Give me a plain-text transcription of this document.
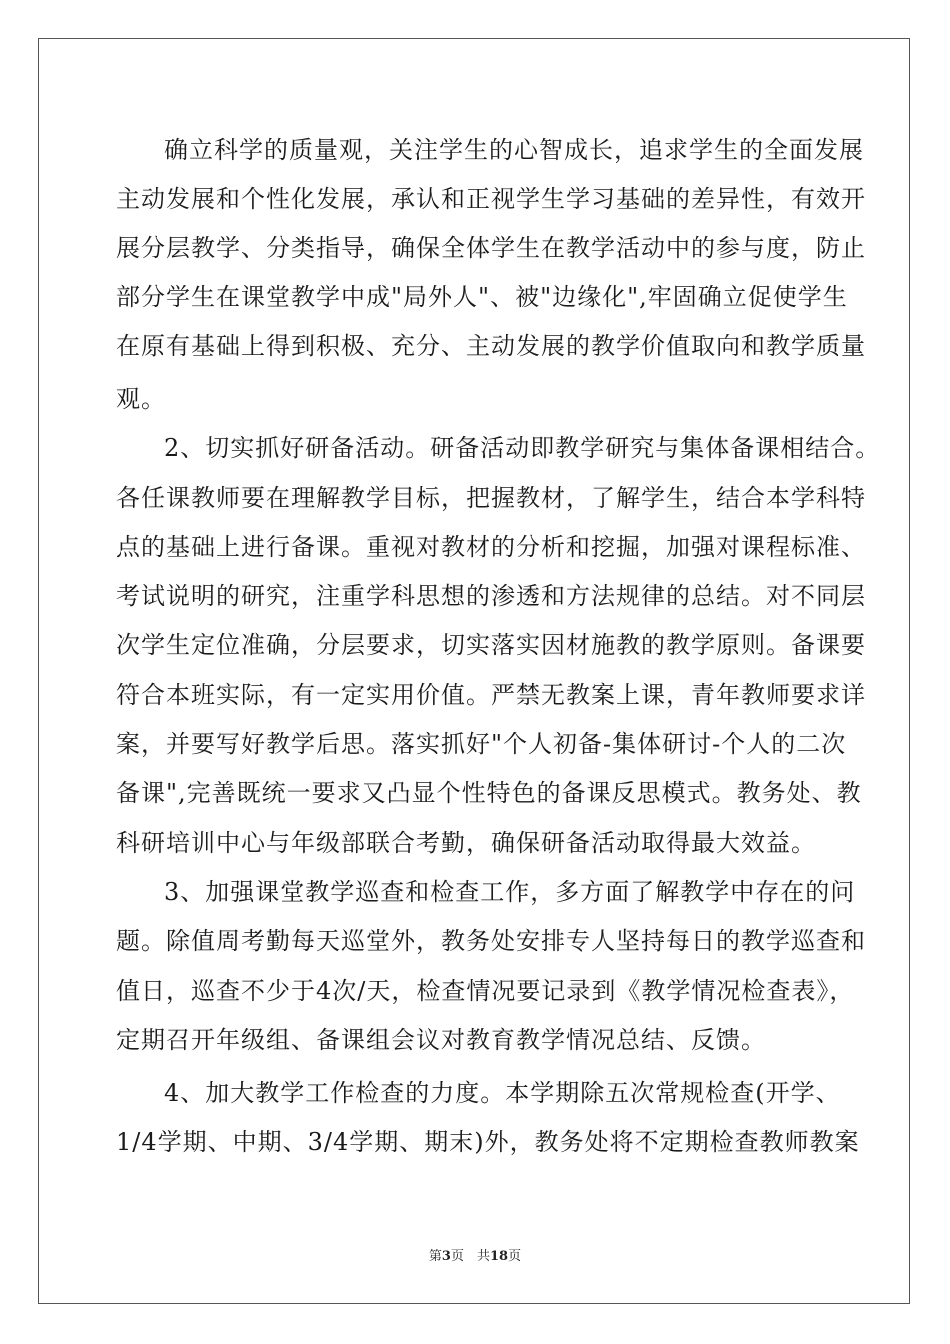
确立科学的质量观，关注学生的心智成长，追求学生的全面发展
主动发展和个性化发展，承认和正视学生学习基础的差异性，有效开
展分层教学、分类指导，确保全体学生在教学活动中的参与度，防止
部分学生在课堂教学中成"局外人"、被"边缘化",牢固确立促使学生
在原有基础上得到积极、充分、主动发展的教学价值取向和教学质量
观。
2、切实抓好研备活动。研备活动即教学研究与集体备课相结合。
各任课教师要在理解教学目标，把握教材，了解学生，结合本学科特
点的基础上进行备课。重视对教材的分析和挖掘，加强对课程标准、
考试说明的研究，注重学科思想的渗透和方法规律的总结。对不同层
次学生定位准确，分层要求，切实落实因材施教的教学原则。备课要
符合本班实际，有一定实用价值。严禁无教案上课，青年教师要求详
案，并要写好教学后思。落实抓好"个人初备-集体研讨-个人的二次
备课",完善既统一要求又凸显个性特色的备课反思模式。教务处、教
科研培训中心与年级部联合考勤，确保研备活动取得最大效益。
3、加强课堂教学巡查和检查工作，多方面了解教学中存在的问
题。除值周考勤每天巡堂外，教务处安排专人坚持每日的教学巡查和
值日，巡查不少于4次/天，检查情况要记录到《教学情况检查表》，
定期召开年级组、备课组会议对教育教学情况总结、反馈。
4、加大教学工作检查的力度。本学期除五次常规检查(开学、
1/4学期、中期、3/4学期、期末)外，教务处将不定期检查教师教案
第3页　共18页
